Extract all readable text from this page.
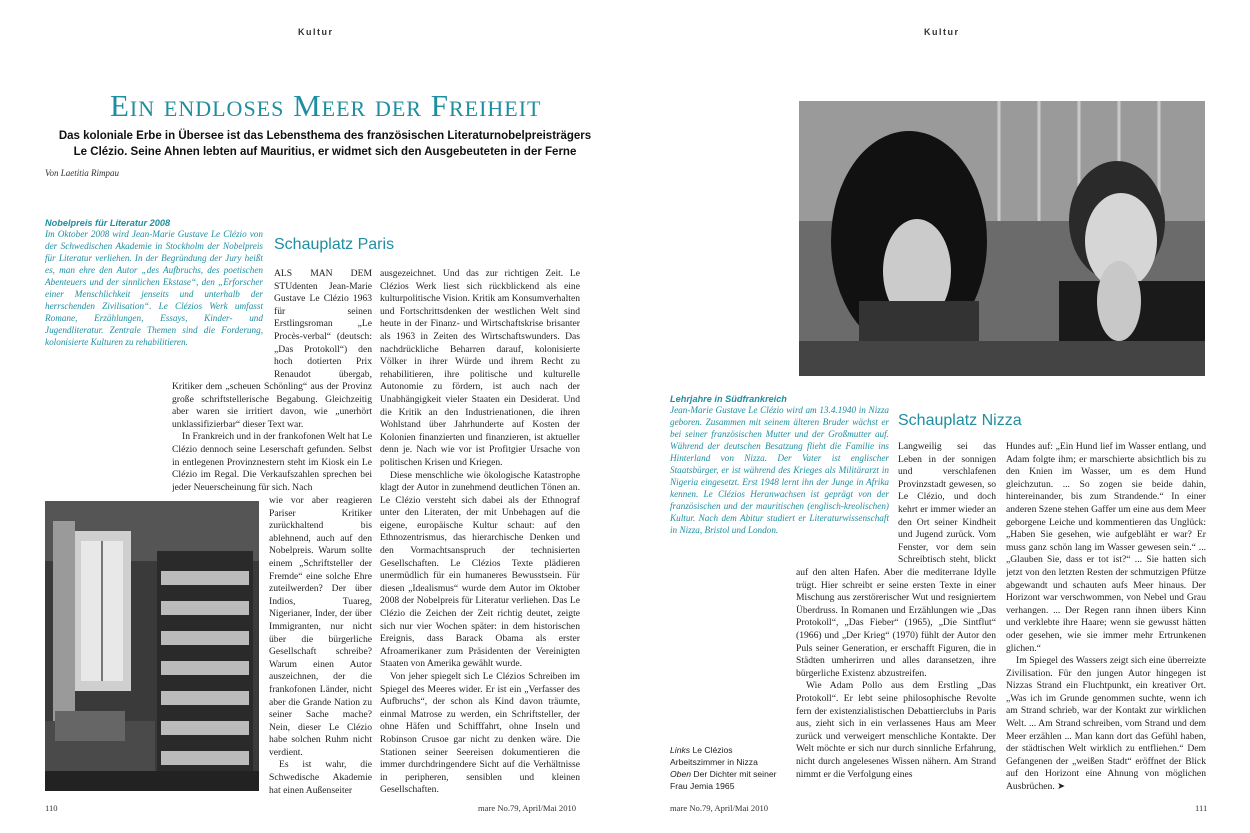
Kultur
Ein endloses Meer der Freiheit
Das koloniale Erbe in Übersee ist das Lebensthema des französischen Literaturnobelpreisträgers
Le Clézio. Seine Ahnen lebten auf Mauritius, er widmet sich den Ausgebeuteten in der Ferne
Von Laetitia Rimpau
Nobelpreis für Literatur 2008
Im Oktober 2008 wird Jean-Marie Gustave Le Clézio von der Schwedischen Akademie in Stockholm der Nobelpreis für Literatur verliehen. In der Begründung der Jury heißt es, man ehre den Autor „des Aufbruchs, des poetischen Abenteuers und der sinnlichen Ekstase“, den „Erforscher einer Menschlichkeit jenseits und unterhalb der herrschenden Zivilisation“. Le Clézios Werk umfasst Romane, Erzählungen, Essays, Kinder- und Jugendliteratur. Zentrale Themen sind die Forderung, kolonisierte Kulturen zu rehabilitieren.
Schauplatz Paris

ALS MAN DEM STUdenten Jean-Marie Gustave Le Clézio 1963 für seinen Erstlingsroman „Le Procès-verbal“ (deutsch: „Das Protokoll“) den hoch dotierten Prix Renaudot übergab,

Kritiker dem „scheuen Schönling“ aus der Provinz große schriftstellerische Begabung. Gleichzeitig aber waren sie irritiert davon, wie „unerhört unklassifizierbar“ dieser Text war.

In Frankreich und in der frankofonen Welt hat Le Clézio dennoch seine Leserschaft gefunden. Selbst in entlegenen Provinznestern steht im Kiosk ein Le Clézio im Regal. Die Verkaufszahlen sprechen bei jeder Neuerscheinung für sich. Nach

wie vor aber reagieren Pariser Kritiker zurückhaltend bis ablehnend, auch auf den Nobelpreis. Warum sollte einem „Schriftsteller der Fremde“ eine solche Ehre zuteilwerden? Der über Indios, Tuareg, Nigerianer, Inder, der über Immigranten, nur nicht über die bürgerliche Gesellschaft schreibe? Warum einen Autor auszeichnen, der die frankofonen Länder, nicht aber die Grande Nation zu seiner Sache mache? Nein, dieser Le Clézio habe solchen Ruhm nicht verdient.

Es ist wahr, die Schwedische Akademie hat einen Außenseiter

ausgezeichnet. Und das zur richtigen Zeit. Le Clézios Werk liest sich rückblickend als eine kulturpolitische Vision. Kritik am Konsumverhalten und Fortschrittsdenken der westlichen Welt sind heute in der Finanz- und Wirtschaftskrise brisanter als 1963 in Zeiten des Wirtschaftswunders. Das nachdrückliche Beharren darauf, kolonisierte Völker in ihrer Würde und ihrem Recht zu rehabilitieren, ihre politische und kulturelle Autonomie zu fördern, ist auch nach der Unabhängigkeit vieler Staaten ein Desiderat. Und die Kritik an den Industrienationen, die ihren Wohlstand über Jahrhunderte auf Kosten der Kolonien finanzierten und finanzieren, ist aktueller denn je. Nach wie vor ist Profitgier Ursache von politischen Krisen und Kriegen.

Diese menschliche wie ökologische Katastrophe klagt der Autor in zunehmend deutlichen Tönen an. Le Clézio versteht sich dabei als der Ethnograf unter den Literaten, der mit Unbehagen auf die eigene, europäische Kultur schaut: auf den Ethnozentrismus, das hierarchische Denken und den Vormachtsanspruch der technisierten Gesellschaften. Le Clézios Texte plädieren unermüdlich für ein humaneres Bewusstsein. Für diesen „Idealismus“ wurde dem Autor im Oktober 2008 der Nobelpreis für Literatur verliehen. Das Le Clézio die Zeichen der Zeit richtig deutet, zeigte sich nur vier Wochen später: in dem historischen Ereignis, dass Barack Obama als erster Afroamerikaner zum Präsidenten der Vereinigten Staaten von Amerika gewählt wurde.

Von jeher spiegelt sich Le Clézios Schreiben im Spiegel des Meeres wider. Er ist ein „Verfasser des Aufbruchs“, der schon als Kind davon träumte, einmal Matrose zu werden, ein Schriftsteller, der ohne Häfen und Schifffahrt, ohne Inseln und Robinson Crusoe gar nicht zu denken wäre. Die Stationen seiner Seereisen dokumentieren die immer durchdringendere Sicht auf die Verhältnisse in peripheren, sensiblen und kleinen Gesellschaften.

110	mare No.79, April/Mai 2010
Kultur
Lehrjahre in Südfrankreich
Jean-Marie Gustave Le Clézio wird am 13.4.1940 in Nizza geboren. Zusammen mit seinem älteren Bruder wächst er bei seiner französischen Mutter und der Großmutter auf. Während der deutschen Besatzung flieht die Familie ins Hinterland von Nizza. Der Vater ist englischer Staatsbürger, er ist während des Krieges als Militärarzt in Nigeria eingesetzt. Erst 1948 lernt ihn der Junge in Afrika kennen. Le Clézios Heranwachsen ist geprägt von der französischen und der mauritischen (englisch-kreolischen) Kultur. Nach dem Abitur studiert er Literaturwissenschaft in Nizza, Bristol und London.
Schauplatz Nizza

Langweilig sei das Leben in der sonnigen und verschlafenen Provinzstadt gewesen, so Le Clézio, und doch kehrt er immer wieder an den Ort seiner Kindheit und Jugend zurück. Vom Fenster, vor dem sein Schreibtisch steht, blickt

auf den alten Hafen. Aber die mediterrane Idylle trügt. Hier schreibt er seine ersten Texte in einer Mischung aus zerstörerischer Wut und resigniertem Überdruss. In Romanen und Erzählungen wie „Das Protokoll“, „Das Fieber“ (1965), „Die Sintflut“ (1966) und „Der Krieg“ (1970) fühlt der Autor den Puls seiner Generation, er erschafft Figuren, die in Städten umherirren und alles daransetzen, ihre bürgerliche Existenz abzustreifen.

Wie Adam Pollo aus dem Erstling „Das Protokoll“. Er lebt seine philosophische Revolte fern der existenzialistischen Debattierclubs in Paris aus, zieht sich in ein verlassenes Haus am Meer zurück und verweigert menschliche Kontakte. Der Welt möchte er sich nur durch sinnliche Erfahrung, nicht durch angelesenes Wissen nähern. Am Strand nimmt er die Verfolgung eines

Hundes auf: „Ein Hund lief im Wasser entlang, und Adam folgte ihm; er marschierte absichtlich bis zu den Knien im Wasser, um es dem Hund gleichzutun. ... So zogen sie beide dahin, hintereinander, bis zum Strandende.“ In einer anderen Szene stehen Gaffer um eine aus dem Meer geborgene Leiche und kommentieren das Unglück: „Haben Sie gesehen, wie aufgebläht er war? Er muss ganz schön lang im Wasser gewesen sein.“ ... „Glauben Sie, dass er tot ist?“ ... Sie hatten sich jetzt von den letzten Resten der schmutzigen Pfütze abgewandt und schauten aufs Meer hinaus. Der Horizont war verschwommen, von Nebel und Grau verhangen. ... Der Regen rann ihnen übers Kinn und verklebte ihre Haare; wenn sie gewusst hätten oder gesehen, wie sie immer mehr Ertrunkenen glichen.“

Im Spiegel des Wassers zeigt sich eine überreizte Zivilisation. Für den jungen Autor hingegen ist Nizzas Strand ein Fluchtpunkt, ein kreativer Ort. „Was ich im Grunde genommen suchte, wenn ich am Strand schrieb, war der Kontakt zur wirklichen Welt. ... Am Strand schreiben, vom Strand und dem Meer erzählen ... Man kann dort das Gefühl haben, der städtischen Welt wirklich zu entfliehen.“ Dem Gefangenen der „weißen Stadt“ eröffnet der Blick auf den Horizont eine Ahnung von möglichen Ausbrüchen. ➤

Links Le Clézios Arbeitszimmer in Nizza
Oben Der Dichter mit seiner Frau Jemia 1965
mare No.79, April/Mai 2010	111
